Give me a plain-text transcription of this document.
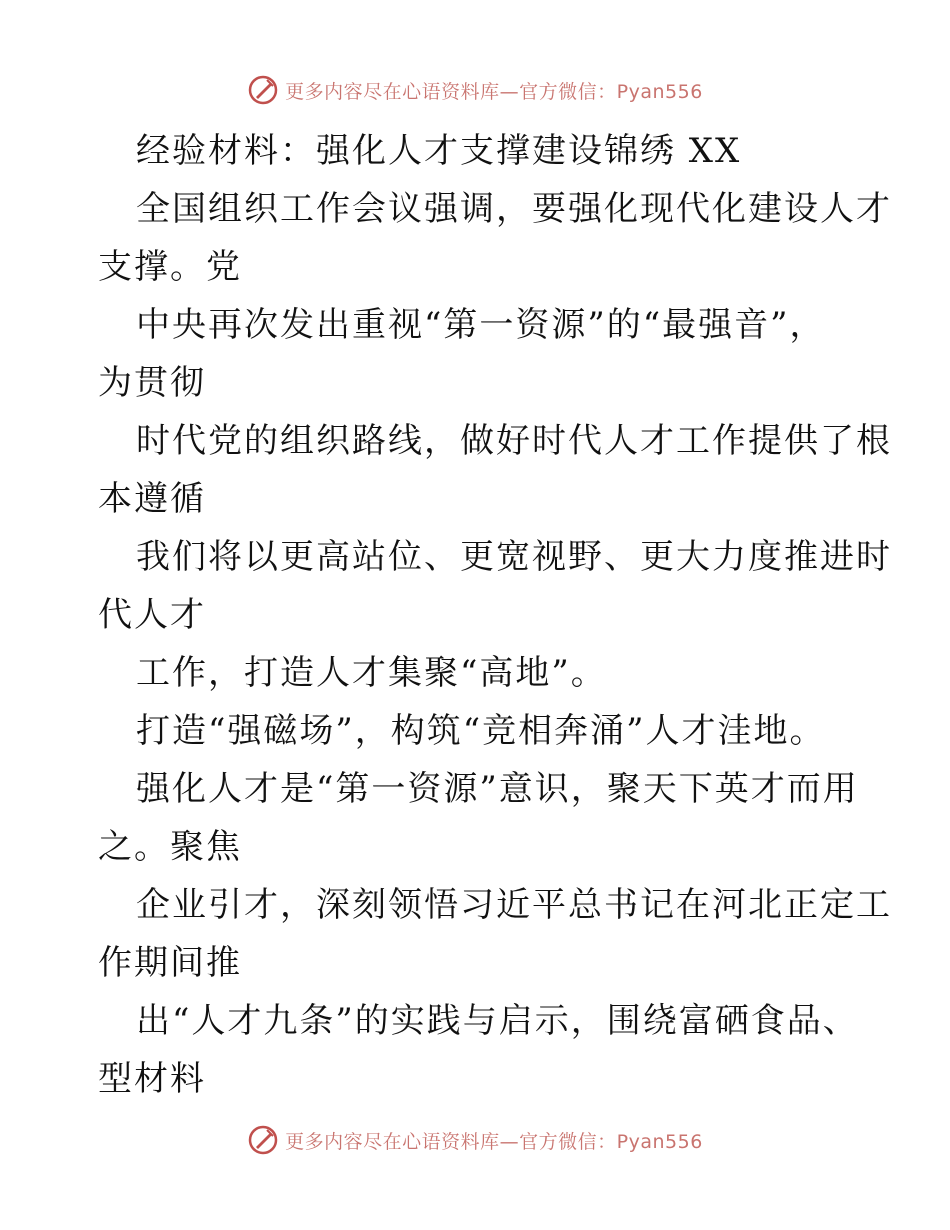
更多内容尽在心语资料库—官方微信：Pyan556
经验材料：强化人才支撑建设锦绣 XX
全国组织工作会议强调，要强化现代化建设人才
支撑。党
中央再次发出重视“第一资源”的“最强音”，
为贯彻
时代党的组织路线，做好时代人才工作提供了根
本遵循
我们将以更高站位、更宽视野、更大力度推进时
代人才
工作，打造人才集聚“高地”。
打造“强磁场”，构筑“竞相奔涌”人才洼地。
强化人才是“第一资源”意识，聚天下英才而用
之。聚焦
企业引才，深刻领悟习近平总书记在河北正定工
作期间推
出“人才九条”的实践与启示，围绕富硒食品、
型材料
更多内容尽在心语资料库—官方微信：Pyan556
